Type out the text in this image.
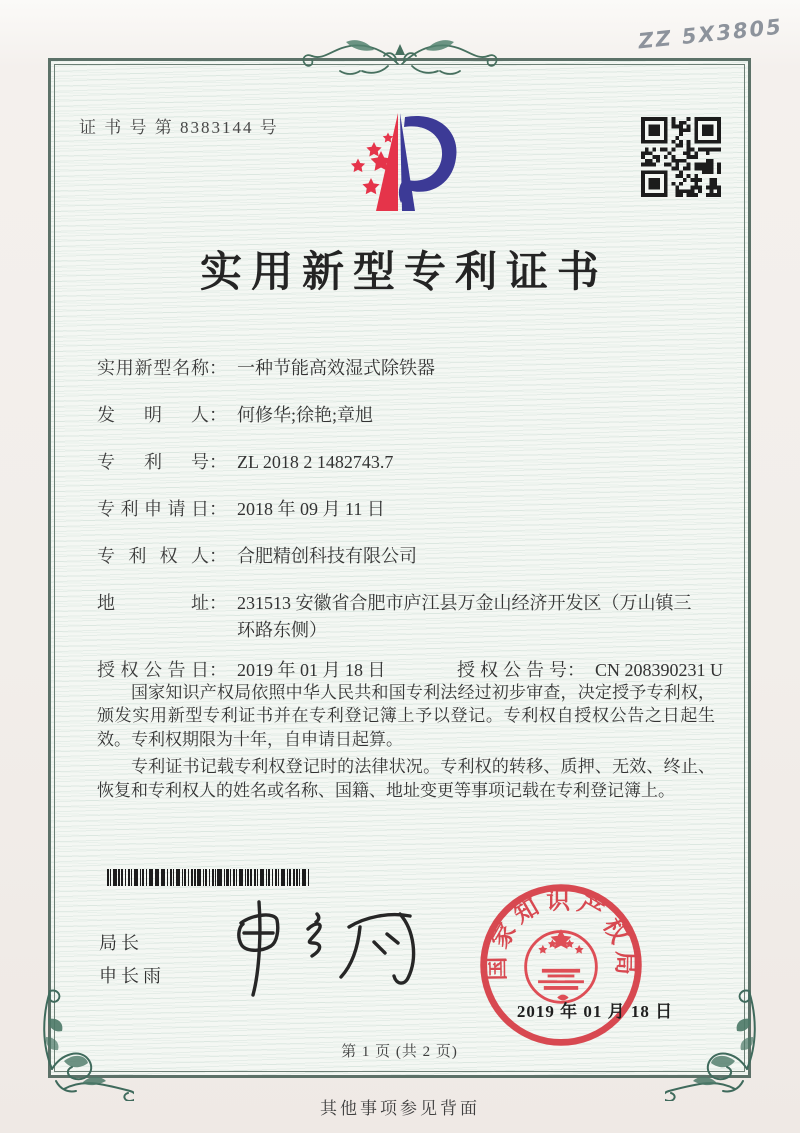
ZZ 5X3805
证 书 号 第 8383144 号
实用新型专利证书
实用新型名称 ： 一种节能高效湿式除铁器
发明人 ： 何修华;徐艳;章旭
专利号 ： ZL 2018 2 1482743.7
专利申请日 ： 2018 年 09 月 11 日
专利权人 ： 合肥精创科技有限公司
地址 ： 231513 安徽省合肥市庐江县万金山经济开发区（万山镇三环路东侧）
授权公告日 ： 2019 年 01 月 18 日	授权公告号 ： CN 208390231 U

国家知识产权局依照中华人民共和国专利法经过初步审查，决定授予专利权，颁发实用新型专利证书并在专利登记簿上予以登记。专利权自授权公告之日起生效。专利权期限为十年，自申请日起算。

专利证书记载专利权登记时的法律状况。专利权的转移、质押、无效、终止、恢复和专利权人的姓名或名称、国籍、地址变更等事项记载在专利登记簿上。

局长
申长雨	国家知识产权局
2019 年 01 月 18 日
第 1 页 (共 2 页)
其他事项参见背面
